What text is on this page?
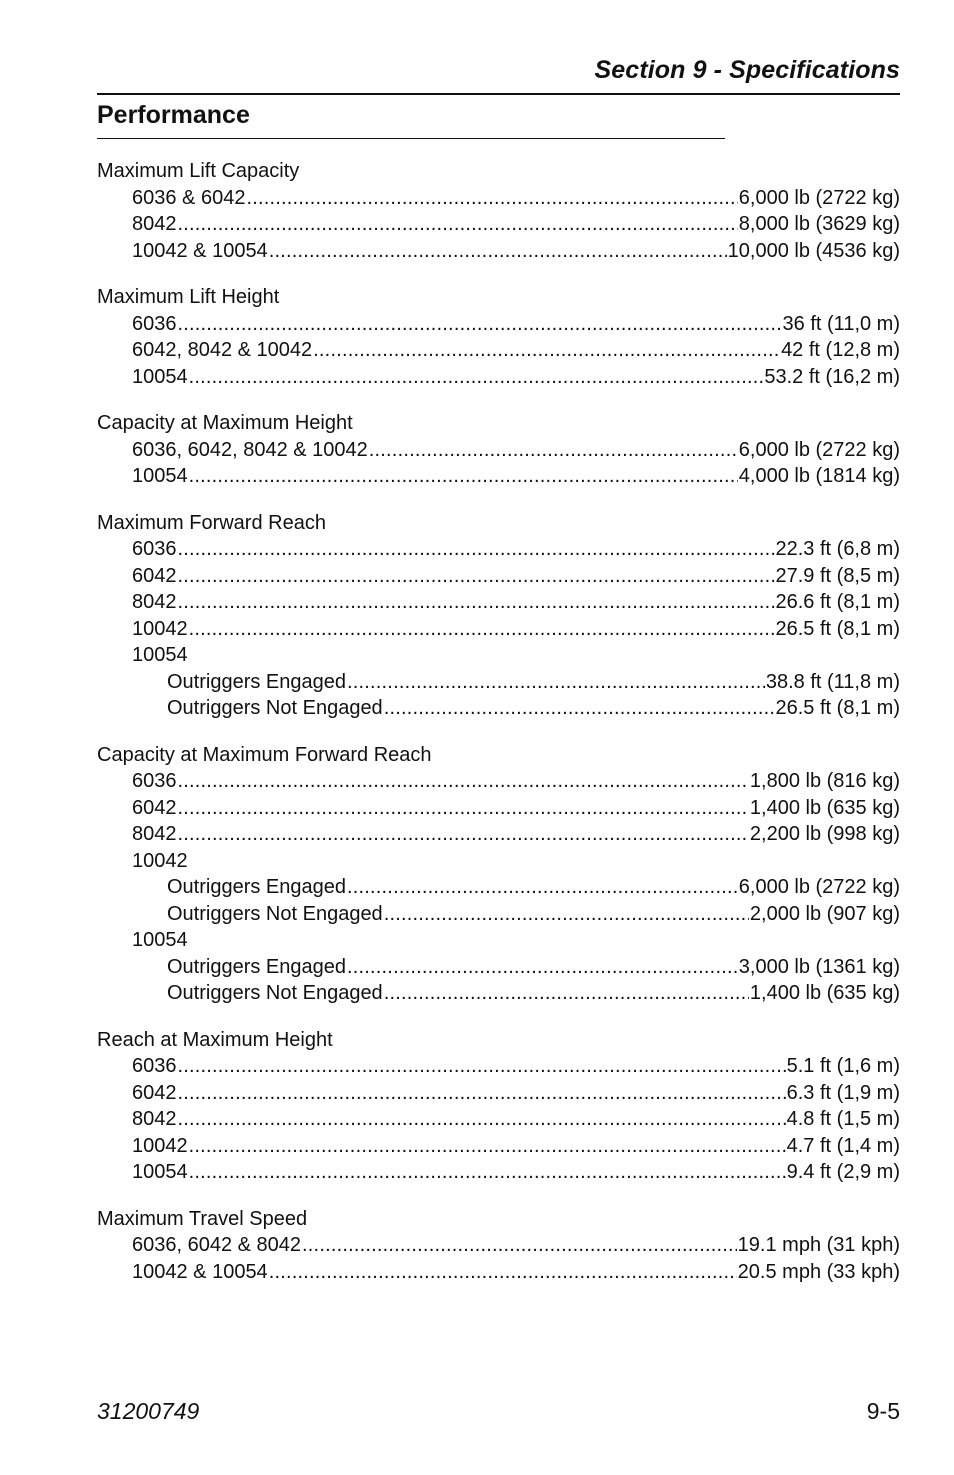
Section 9 - Specifications
Performance
Maximum Lift Capacity
6036 & 6042 .....	6,000 lb (2722 kg)
8042 .....	8,000 lb (3629 kg)
10042 & 10054 .....	10,000 lb (4536 kg)
Maximum Lift Height
6036 .....	36 ft (11,0 m)
6042, 8042 & 10042 .....	42 ft (12,8 m)
10054 .....	53.2 ft (16,2 m)
Capacity at Maximum Height
6036, 6042, 8042 & 10042 .....	6,000 lb (2722 kg)
10054 .....	4,000 lb (1814 kg)
Maximum Forward Reach
6036 .....	22.3 ft (6,8 m)
6042 .....	27.9 ft (8,5 m)
8042 .....	26.6 ft (8,1 m)
10042 .....	26.5 ft (8,1 m)
10054
Outriggers Engaged .....	38.8 ft (11,8 m)
Outriggers Not Engaged .....	26.5 ft (8,1 m)
Capacity at Maximum Forward Reach
6036 .....	1,800 lb (816 kg)
6042 .....	1,400 lb (635 kg)
8042 .....	2,200 lb (998 kg)
10042
Outriggers Engaged .....	6,000 lb (2722 kg)
Outriggers Not Engaged .....	2,000 lb (907 kg)
10054
Outriggers Engaged .....	3,000 lb (1361 kg)
Outriggers Not Engaged .....	1,400 lb (635 kg)
Reach at Maximum Height
6036 .....	5.1 ft (1,6 m)
6042 .....	6.3 ft (1,9 m)
8042 .....	4.8 ft (1,5 m)
10042 .....	4.7 ft (1,4 m)
10054 .....	9.4 ft (2,9 m)
Maximum Travel Speed
6036, 6042 & 8042 .....	19.1 mph (31 kph)
10042 & 10054 .....	20.5 mph (33 kph)
31200749	9-5
